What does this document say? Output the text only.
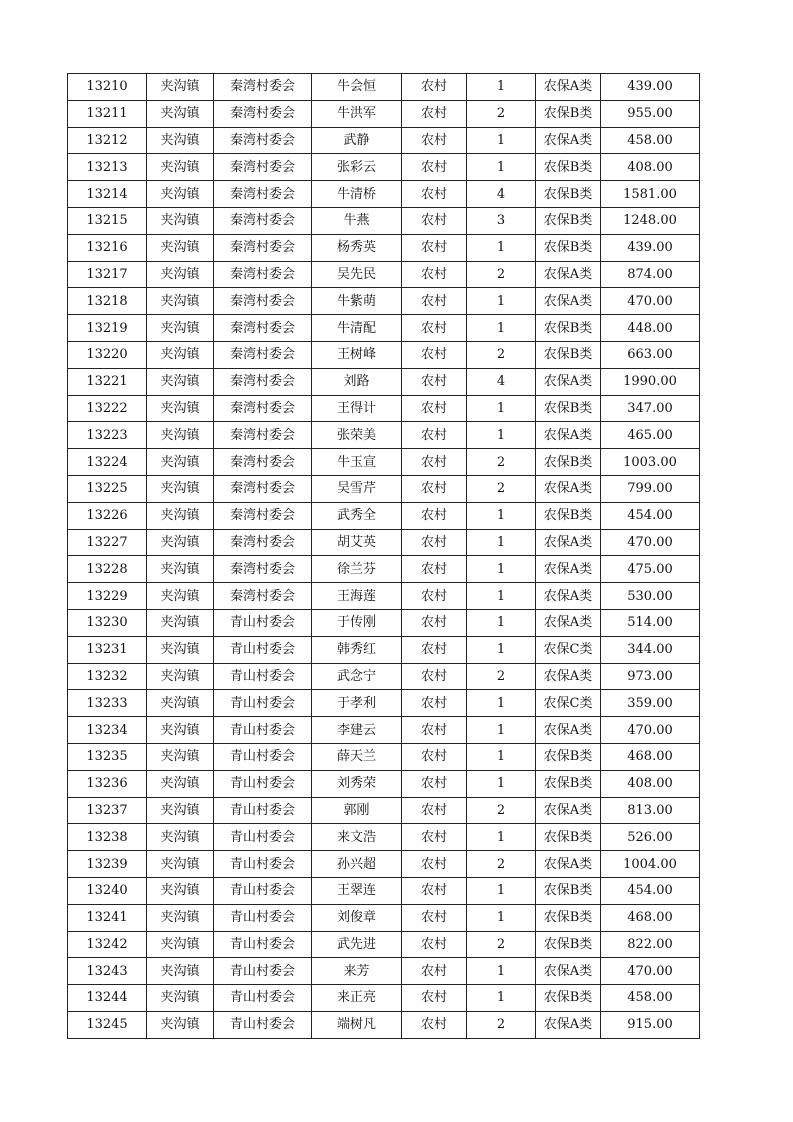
13210	夹沟镇	秦湾村委会	牛会恒	农村	1	农保A类	439.00
13211	夹沟镇	秦湾村委会	牛洪军	农村	2	农保B类	955.00
13212	夹沟镇	秦湾村委会	武静	农村	1	农保A类	458.00
13213	夹沟镇	秦湾村委会	张彩云	农村	1	农保B类	408.00
13214	夹沟镇	秦湾村委会	牛清桥	农村	4	农保B类	1581.00
13215	夹沟镇	秦湾村委会	牛燕	农村	3	农保B类	1248.00
13216	夹沟镇	秦湾村委会	杨秀英	农村	1	农保B类	439.00
13217	夹沟镇	秦湾村委会	吴先民	农村	2	农保A类	874.00
13218	夹沟镇	秦湾村委会	牛紫萌	农村	1	农保A类	470.00
13219	夹沟镇	秦湾村委会	牛清配	农村	1	农保B类	448.00
13220	夹沟镇	秦湾村委会	王树峰	农村	2	农保B类	663.00
13221	夹沟镇	秦湾村委会	刘路	农村	4	农保A类	1990.00
13222	夹沟镇	秦湾村委会	王得计	农村	1	农保B类	347.00
13223	夹沟镇	秦湾村委会	张荣美	农村	1	农保A类	465.00
13224	夹沟镇	秦湾村委会	牛玉宣	农村	2	农保B类	1003.00
13225	夹沟镇	秦湾村委会	吴雪芹	农村	2	农保A类	799.00
13226	夹沟镇	秦湾村委会	武秀全	农村	1	农保B类	454.00
13227	夹沟镇	秦湾村委会	胡艾英	农村	1	农保A类	470.00
13228	夹沟镇	秦湾村委会	徐兰芬	农村	1	农保A类	475.00
13229	夹沟镇	秦湾村委会	王海莲	农村	1	农保A类	530.00
13230	夹沟镇	青山村委会	于传刚	农村	1	农保A类	514.00
13231	夹沟镇	青山村委会	韩秀红	农村	1	农保C类	344.00
13232	夹沟镇	青山村委会	武念宁	农村	2	农保A类	973.00
13233	夹沟镇	青山村委会	于孝利	农村	1	农保C类	359.00
13234	夹沟镇	青山村委会	李建云	农村	1	农保A类	470.00
13235	夹沟镇	青山村委会	薛天兰	农村	1	农保B类	468.00
13236	夹沟镇	青山村委会	刘秀荣	农村	1	农保B类	408.00
13237	夹沟镇	青山村委会	郭刚	农村	2	农保A类	813.00
13238	夹沟镇	青山村委会	来文浩	农村	1	农保B类	526.00
13239	夹沟镇	青山村委会	孙兴超	农村	2	农保A类	1004.00
13240	夹沟镇	青山村委会	王翠连	农村	1	农保B类	454.00
13241	夹沟镇	青山村委会	刘俊章	农村	1	农保B类	468.00
13242	夹沟镇	青山村委会	武先进	农村	2	农保B类	822.00
13243	夹沟镇	青山村委会	来芳	农村	1	农保A类	470.00
13244	夹沟镇	青山村委会	来正亮	农村	1	农保B类	458.00
13245	夹沟镇	青山村委会	端树凡	农村	2	农保A类	915.00
